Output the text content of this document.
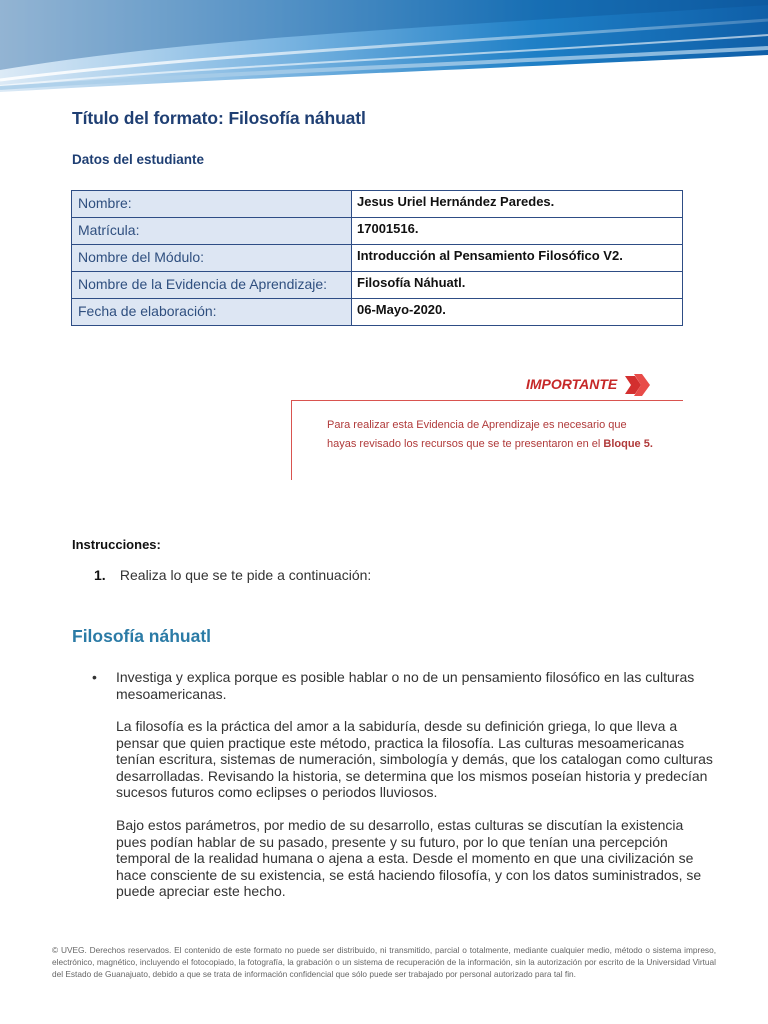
Título del formato: Filosofía náhuatl
Datos del estudiante
Nombre:	Jesus Uriel Hernández Paredes.
Matrícula:	17001516.
Nombre del Módulo:	Introducción al Pensamiento Filosófico V2.
Nombre de la Evidencia de Aprendizaje:	Filosofía Náhuatl.
Fecha de elaboración:	06-Mayo-2020.
IMPORTANTE
Para realizar esta Evidencia de Aprendizaje es necesario que hayas revisado los recursos que se te presentaron en el Bloque 5.
Instrucciones:
1. Realiza lo que se te pide a continuación:
Filosofía náhuatl
• Investiga y explica porque es posible hablar o no de un pensamiento filosófico en las culturas mesoamericanas.
La filosofía es la práctica del amor a la sabiduría, desde su definición griega, lo que lleva a pensar que quien practique este método, practica la filosofía. Las culturas mesoamericanas tenían escritura, sistemas de numeración, simbología y demás, que los catalogan como culturas desarrolladas. Revisando la historia, se determina que los mismos poseían historia y predecían sucesos futuros como eclipses o periodos lluviosos.
Bajo estos parámetros, por medio de su desarrollo, estas culturas se discutían la existencia pues podían hablar de su pasado, presente y su futuro, por lo que tenían una percepción temporal de la realidad humana o ajena a esta. Desde el momento en que una civilización se hace consciente de su existencia, se está haciendo filosofía, y con los datos suministrados, se puede apreciar este hecho.
© UVEG. Derechos reservados. El contenido de este formato no puede ser distribuido, ni transmitido, parcial o totalmente, mediante cualquier medio, método o sistema impreso, electrónico, magnético, incluyendo el fotocopiado, la fotografía, la grabación o un sistema de recuperación de la información, sin la autorización por escrito de la Universidad Virtual del Estado de Guanajuato, debido a que se trata de información confidencial que sólo puede ser trabajado por personal autorizado para tal fin.
